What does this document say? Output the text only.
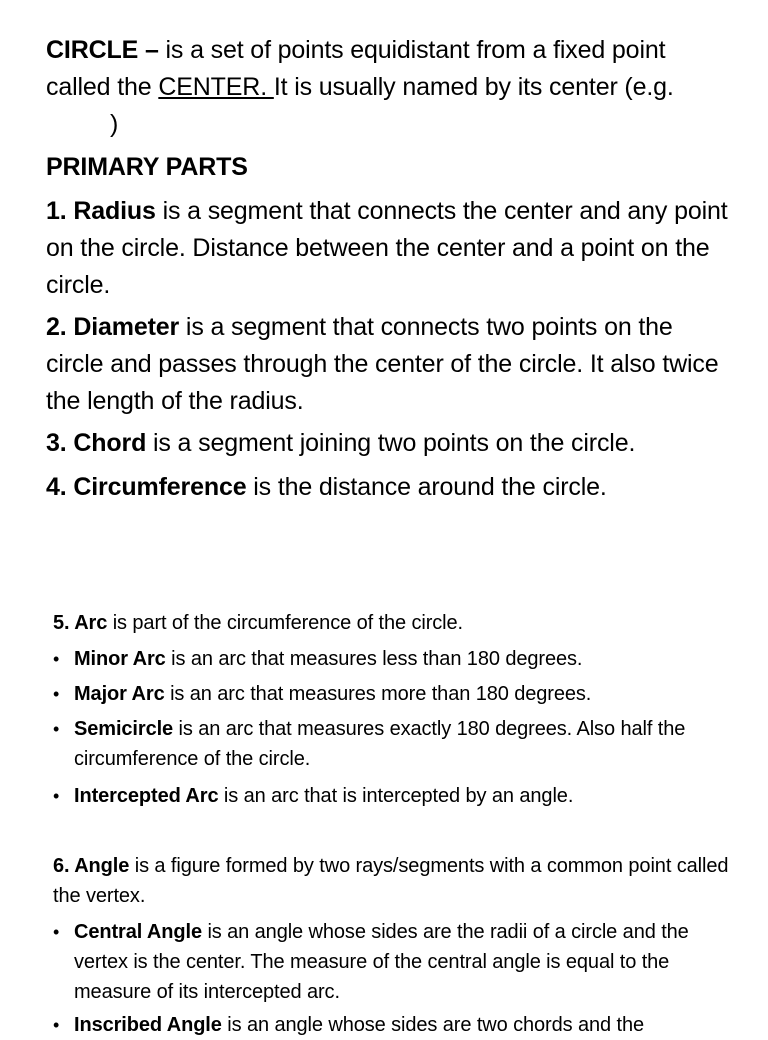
CIRCLE – is a set of points equidistant from a fixed point called the CENTER. It is usually named by its center (e.g.)
PRIMARY PARTS
1. Radius is a segment that connects the center and any point on the circle. Distance between the center and a point on the circle.
2. Diameter is a segment that connects two points on the circle and passes through the center of the circle. It also twice the length of the radius.
3. Chord is a segment joining two points on the circle.
4. Circumference is the distance around the circle.
5. Arc is part of the circumference of the circle.
• Minor Arc is an arc that measures less than 180 degrees.
• Major Arc is an arc that measures more than 180 degrees.
• Semicircle is an arc that measures exactly 180 degrees. Also half the circumference of the circle.
• Intercepted Arc is an arc that is intercepted by an angle.
6. Angle is a figure formed by two rays/segments with a common point called the vertex.
• Central Angle is an angle whose sides are the radii of a circle and the vertex is the center. The measure of the central angle is equal to the measure of its intercepted arc.
• Inscribed Angle is an angle whose sides are two chords and the
